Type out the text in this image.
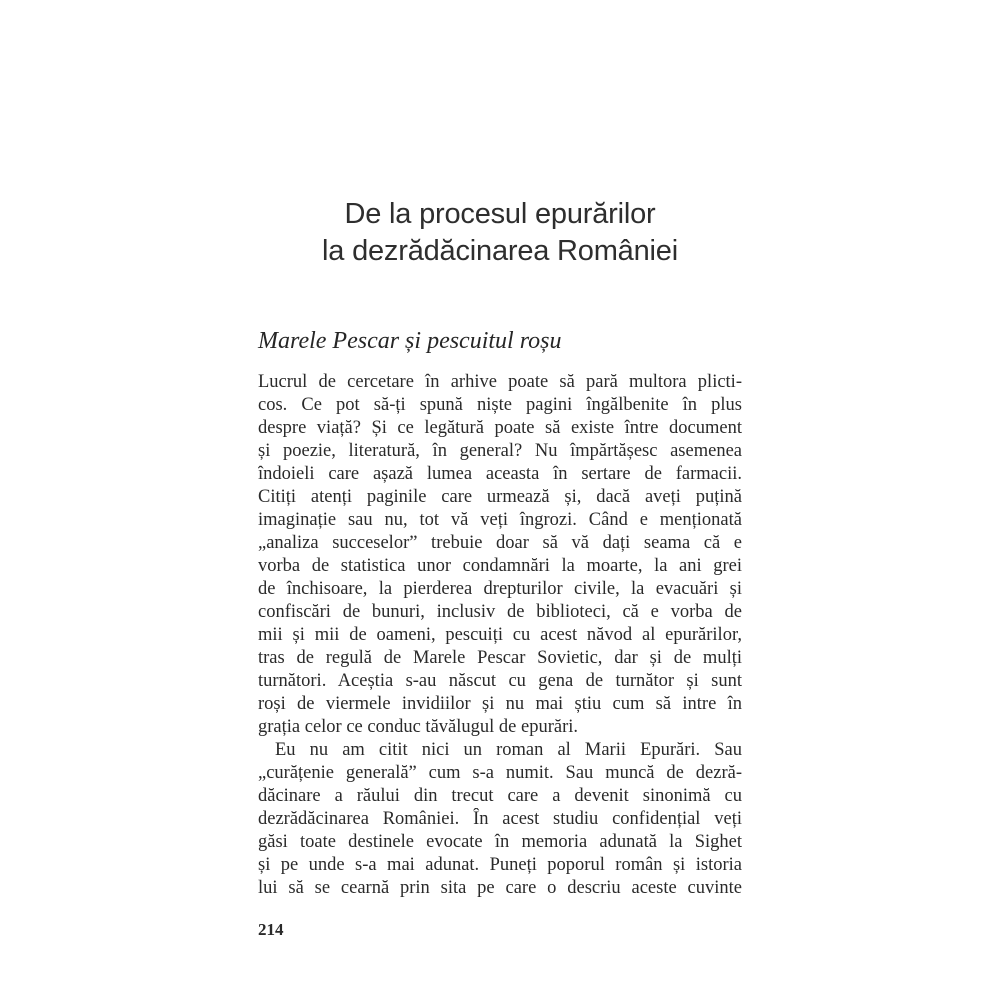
De la procesul epurărilor
la dezrădăcinarea României
Marele Pescar și pescuitul roșu
Lucrul de cercetare în arhive poate să pară multora plicti-
cos. Ce pot să-ți spună niște pagini îngălbenite în plus
despre viață? Și ce legătură poate să existe între document
și poezie, literatură, în general? Nu împărtășesc asemenea
îndoieli care așază lumea aceasta în sertare de farmacii.
Citiți atenți paginile care urmează și, dacă aveți puțină
imaginație sau nu, tot vă veți îngrozi. Când e menționată
„analiza succeselor” trebuie doar să vă dați seama că e
vorba de statistica unor condamnări la moarte, la ani grei
de închisoare, la pierderea drepturilor civile, la evacuări și
confiscări de bunuri, inclusiv de biblioteci, că e vorba de
mii și mii de oameni, pescuiți cu acest năvod al epurărilor,
tras de regulă de Marele Pescar Sovietic, dar și de mulți
turnători. Aceștia s-au născut cu gena de turnător și sunt
roși de viermele invidiilor și nu mai știu cum să intre în
grația celor ce conduc tăvălugul de epurări.
Eu nu am citit nici un roman al Marii Epurări. Sau
„curățenie generală” cum s-a numit. Sau muncă de dezră-
dăcinare a răului din trecut care a devenit sinonimă cu
dezrădăcinarea României. În acest studiu confidențial veți
găsi toate destinele evocate în memoria adunată la Sighet
și pe unde s-a mai adunat. Puneți poporul român și istoria
lui să se cearnă prin sita pe care o descriu aceste cuvinte
214
